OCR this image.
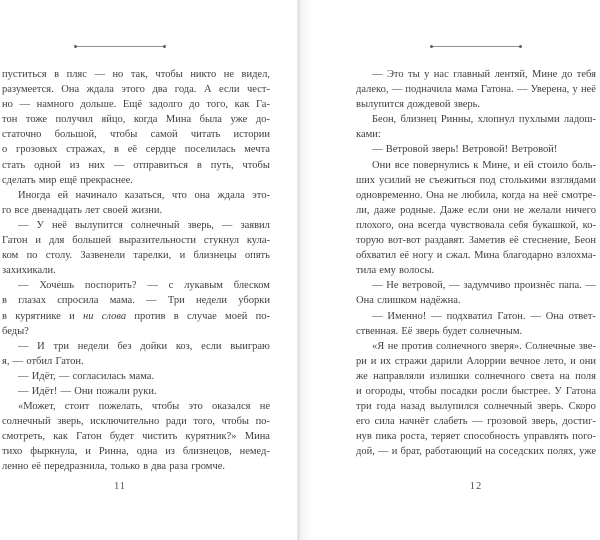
пуститься в пляс — но так, чтобы никто не видел,
разумеется. Она ждала этого два года. А если чест-
но — намного дольше. Ещё задолго до того, как Га-
тон тоже получил яйцо, когда Мина была уже до-
статочно большой, чтобы самой читать истории
о грозовых стражах, в её сердце поселилась мечта
стать одной из них — отправиться в путь, чтобы
сделать мир ещё прекраснее.
Иногда ей начинало казаться, что она ждала это-
го все двенадцать лет своей жизни.
— У неё вылупится солнечный зверь, — заявил
Гатон и для большей выразительности стукнул кула-
ком по столу. Зазвенели тарелки, и близнецы опять
захихикали.
— Хочешь поспорить? — с лукавым блеском
в глазах спросила мама. — Три недели уборки
в курятнике и ни слова против в случае моей по-
беды?
— И три недели без дойки коз, если выиграю
я, — отбил Гатон.
— Идёт, — согласилась мама.
— Идёт! — Они пожали руки.
«Может, стоит пожелать, чтобы это оказался не
солнечный зверь, исключительно ради того, чтобы по-
смотреть, как Гатон будет чистить курятник?» Мина
тихо фыркнула, и Ринна, одна из близнецов, немед-
ленно её передразнила, только в два раза громче.
11
— Это ты у нас главный лентяй, Мине до тебя
далеко, — подначила мама Гатона. — Уверена, у неё
вылупится дождевой зверь.
Беон, близнец Ринны, хлопнул пухлыми ладош-
ками:
— Ветровой зверь! Ветровой! Ветровой!
Они все повернулись к Мине, и ей стоило боль-
ших усилий не съежиться под столькими взглядами
одновременно. Она не любила, когда на неё смотре-
ли, даже родные. Даже если они не желали ничего
плохого, она всегда чувствовала себя букашкой, ко-
торую вот-вот раздавят. Заметив её стеснение, Беон
обхватил её ногу и сжал. Мина благодарно взлохма-
тила ему волосы.
— Не ветровой, — задумчиво произнёс папа. —
Она слишком надёжна.
— Именно! — подхватил Гатон. — Она ответ-
ственная. Её зверь будет солнечным.
«Я не против солнечного зверя». Солнечные зве-
ри и их стражи дарили Алоррии вечное лето, и они
же направляли излишки солнечного света на поля
и огороды, чтобы посадки росли быстрее. У Гатона
три года назад вылупился солнечный зверь. Скоро
его сила начнёт слабеть — грозовой зверь, достиг-
нув пика роста, теряет способность управлять пого-
дой, — и брат, работающий на соседских полях, уже
12
